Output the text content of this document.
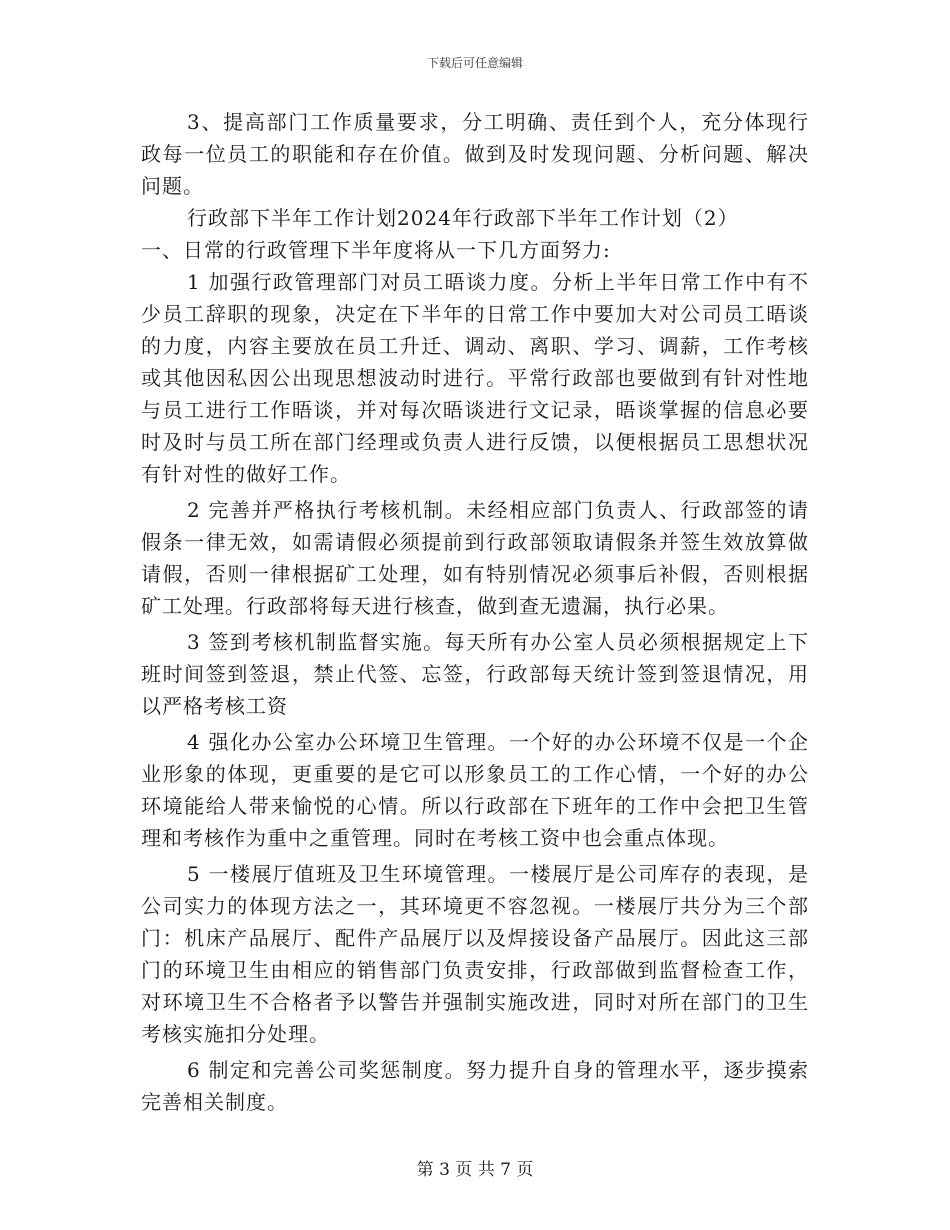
下载后可任意编辑

3、提高部门工作质量要求，分工明确、责任到个人，充分体现行政每一位员工的职能和存在价值。做到及时发现问题、分析问题、解决问题。

行政部下半年工作计划2024年行政部下半年工作计划（2）

一、日常的行政管理下半年度将从一下几方面努力:

1 加强行政管理部门对员工晤谈力度。分析上半年日常工作中有不少员工辞职的现象，决定在下半年的日常工作中要加大对公司员工晤谈的力度，内容主要放在员工升迁、调动、离职、学习、调薪，工作考核或其他因私因公出现思想波动时进行。平常行政部也要做到有针对性地与员工进行工作晤谈，并对每次晤谈进行文记录，晤谈掌握的信息必要时及时与员工所在部门经理或负责人进行反馈，以便根据员工思想状况有针对性的做好工作。

2 完善并严格执行考核机制。未经相应部门负责人、行政部签的请假条一律无效，如需请假必须提前到行政部领取请假条并签生效放算做请假，否则一律根据矿工处理，如有特别情况必须事后补假，否则根据矿工处理。行政部将每天进行核查，做到查无遗漏，执行必果。

3 签到考核机制监督实施。每天所有办公室人员必须根据规定上下班时间签到签退，禁止代签、忘签，行政部每天统计签到签退情况，用以严格考核工资

4 强化办公室办公环境卫生管理。一个好的办公环境不仅是一个企业形象的体现，更重要的是它可以形象员工的工作心情，一个好的办公环境能给人带来愉悦的心情。所以行政部在下班年的工作中会把卫生管理和考核作为重中之重管理。同时在考核工资中也会重点体现。

5 一楼展厅值班及卫生环境管理。一楼展厅是公司库存的表现，是公司实力的体现方法之一，其环境更不容忽视。一楼展厅共分为三个部门：机床产品展厅、配件产品展厅以及焊接设备产品展厅。因此这三部门的环境卫生由相应的销售部门负责安排，行政部做到监督检查工作，对环境卫生不合格者予以警告并强制实施改进，同时对所在部门的卫生考核实施扣分处理。

6 制定和完善公司奖惩制度。努力提升自身的管理水平，逐步摸索完善相关制度。

第 3 页 共 7 页
